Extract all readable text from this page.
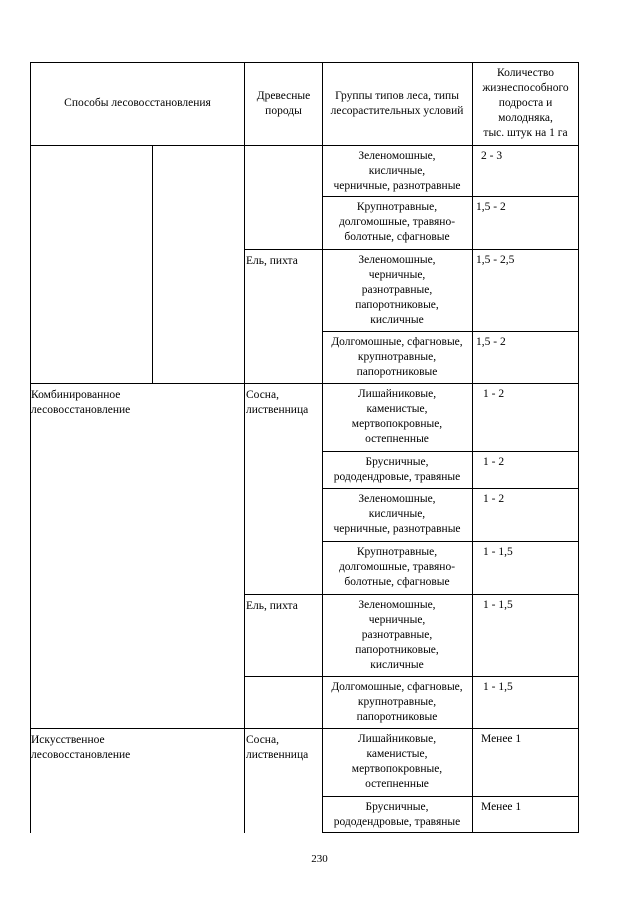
Способы лесовосстановления
Древесные
породы
Группы типов леса, типы
лесорастительных условий
Количество
жизнеспособного
подроста и
молодняка,
тыс. штук на 1 га
Комбинированное
лесовосстановление
Искусственное
лесовосстановление
Ель, пихта
Сосна,
лиственница
Ель, пихта
Сосна,
лиственница
Зеленомошные,
кисличные,
черничные, разнотравные
Крупнотравные,
долгомошные, травяно-
болотные, сфагновые
Зеленомошные,
черничные,
разнотравные,
папоротниковые,
кисличные
Долгомошные, сфагновые,
крупнотравные,
папоротниковые
Лишайниковые,
каменистые,
мертвопокровные,
остепненные
Брусничные,
рододендровые, травяные
Зеленомошные,
кисличные,
черничные, разнотравные
Крупнотравные,
долгомошные, травяно-
болотные, сфагновые
Зеленомошные,
черничные,
разнотравные,
папоротниковые,
кисличные
Долгомошные, сфагновые,
крупнотравные,
папоротниковые
Лишайниковые,
каменистые,
мертвопокровные,
остепненные
Брусничные,
рододендровые, травяные
2 - 3
1,5 - 2
1,5 - 2,5
1,5 - 2
1 - 2
1 - 2
1 - 2
1 - 1,5
1 - 1,5
1 - 1,5
Менее 1
Менее 1
230
